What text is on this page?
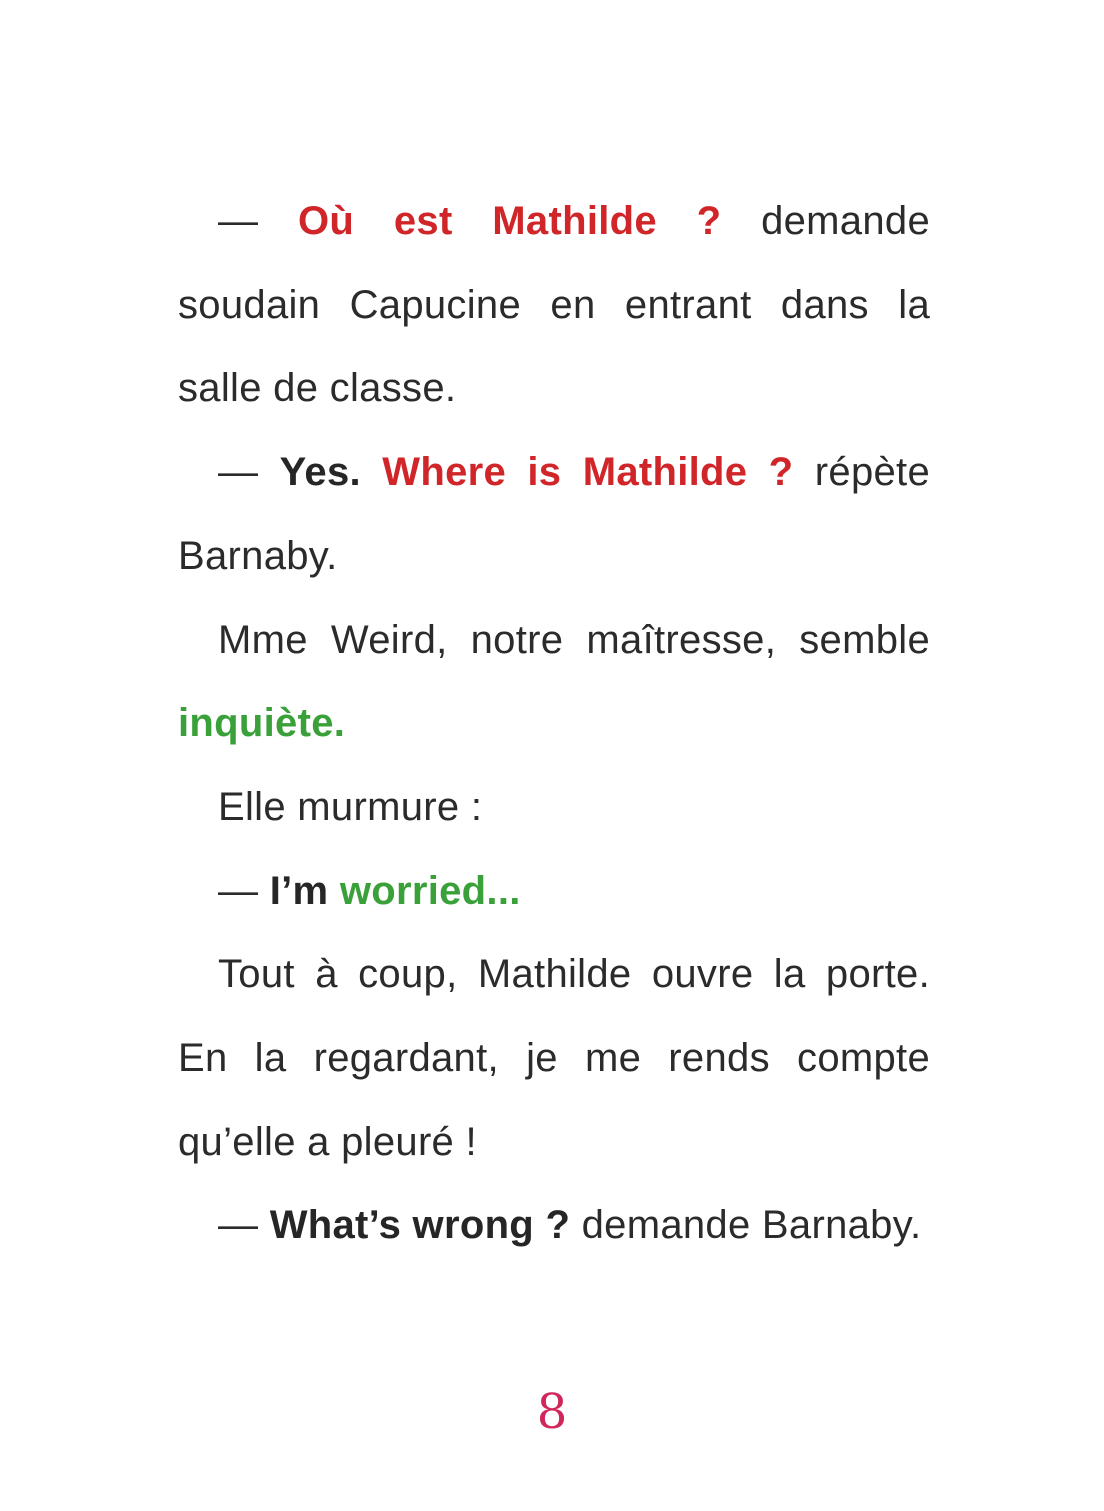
— Où est Mathilde ? demande soudain Capucine en entrant dans la salle de classe.

— Yes. Where is Mathilde ? répète Barnaby.

Mme Weird, notre maîtresse, semble inquiète.

Elle murmure :

— I’m worried...

Tout à coup, Mathilde ouvre la porte. En la regardant, je me rends compte qu’elle a pleuré !

— What’s wrong ? demande Barnaby.

8
